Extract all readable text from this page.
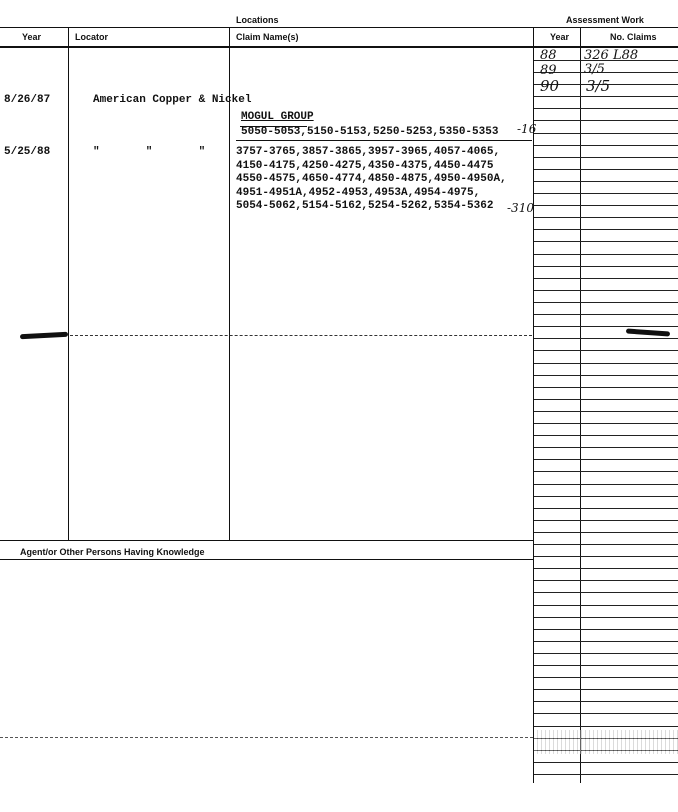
Locations	Assessment Work
Year	Locator	Claim Name(s)	Year	No. Claims
88 326 L88
89 3/5
90 3/5
8/26/87	American Copper & Nickel
MOGUL GROUP
5050-5053,5150-5153,5250-5253,5350-5353 -16
5/25/88	"       "       "	3757-3765,3857-3865,3957-3965,4057-4065,
4150-4175,4250-4275,4350-4375,4450-4475
4550-4575,4650-4774,4850-4875,4950-4950A,
4951-4951A,4952-4953,4953A,4954-4975,
5054-5062,5154-5162,5254-5262,5354-5362 -310
Agent/or Other Persons Having Knowledge
